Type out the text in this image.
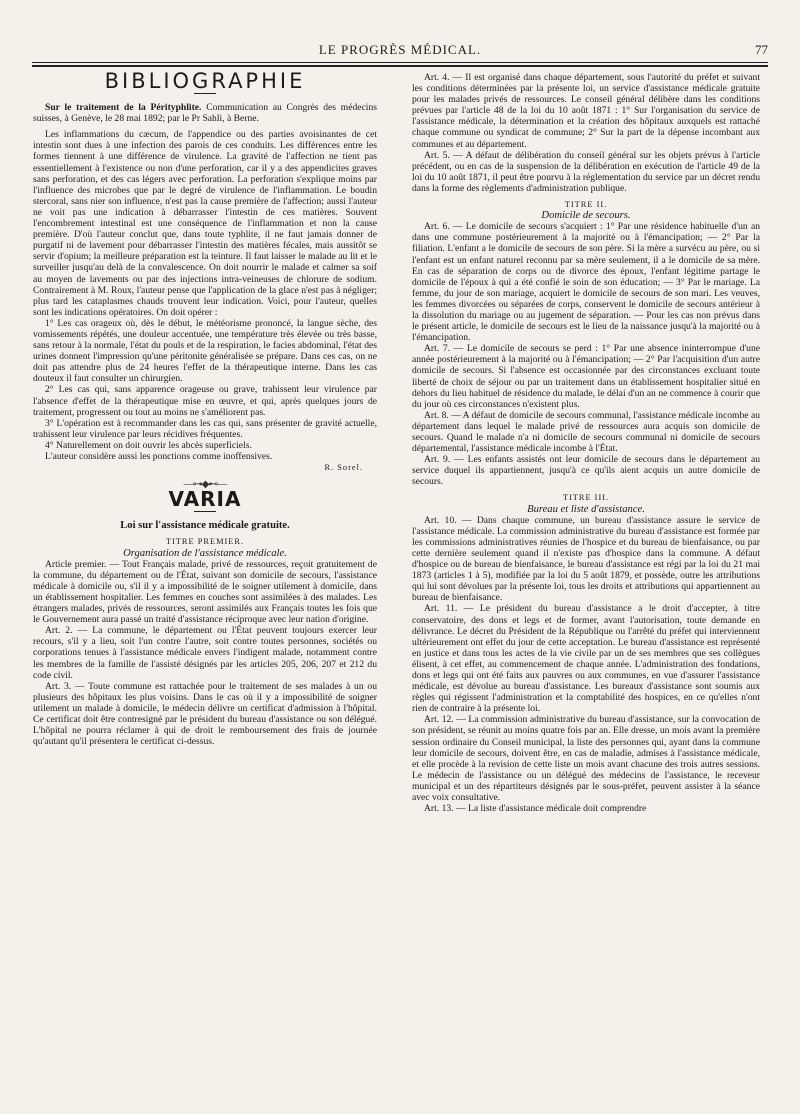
LE PROGRÈS MÉDICAL.	77
BIBLIOGRAPHIE

Sur le traitement de la Pérityphlite. Communication au Congrès des médecins suisses, à Genève, le 28 mai 1892; par le Pr Sahli, à Berne.

Les inflammations du cæcum, de l'appendice ou des parties avoisinantes de cet intestin sont dues à une infection des parois de ces conduits. Les différences entre les formes tiennent à une différence de virulence. La gravité de l'affection ne tient pas essentiellement à l'existence ou non d'une perforation, car il y a des appendicites graves sans perforation, et des cas légers avec perforation. La perforation s'explique moins par l'influence des microbes que par le degré de virulence de l'inflammation. Le boudin stercoral, sans nier son influence, n'est pas la cause première de l'affection; aussi l'auteur ne voit pas une indication à débarrasser l'intestin de ces matières. Souvent l'encombrement intestinal est une conséquence de l'inflammation et non la cause première. D'où l'auteur conclut que, dans toute typhlite, il ne faut jamais donner de purgatif ni de lavement pour débarrasser l'intestin des matières fécales, mais aussitôt se servir d'opium; la meilleure préparation est la teinture. Il faut laisser le malade au lit et le surveiller jusqu'au delà de la convalescence. On doit nourrir le malade et calmer sa soif au moyen de lavements ou par des injections intra-veineuses de chlorure de sodium. Contrairement à M. Roux, l'auteur pense que l'application de la glace n'est pas à négliger; plus tard les cataplasmes chauds trouvent leur indication. Voici, pour l'auteur, quelles sont les indications opératoires. On doit opérer :

1° Les cas orageux où, dès le début, le météorisme prononcé, la langue sèche, des vomissements répétés, une douleur accentuée, une température très élevée ou très basse, sans retour à la normale, l'état du pouls et de la respiration, le facies abdominal, l'état des urines donnent l'impression qu'une péritonite généralisée se prépare. Dans ces cas, on ne doit pas attendre plus de 24 heures l'effet de la thérapeutique interne. Dans les cas douteux il faut consulter un chirurgien.

2° Les cas qui, sans apparence orageuse ou grave, trahissent leur virulence par l'absence d'effet de la thérapeutique mise en œuvre, et qui, après quelques jours de traitement, progressent ou tout au moins ne s'améliorent pas.

3° L'opération est à recommander dans les cas qui, sans présenter de gravité actuelle, trahissent leur virulence par leurs récidives fréquentes.

4° Naturellement on doit ouvrir les abcès superficiels.

L'auteur considère aussi les ponctions comme inoffensives.

R. Sorel.

—⊶◆⊷—
VARIA

Loi sur l'assistance médicale gratuite.

TITRE PREMIER.

Organisation de l'assistance médicale.

Article premier. — Tout Français malade, privé de ressources, reçoit gratuitement de la commune, du département ou de l'État, suivant son domicile de secours, l'assistance médicale à domicile ou, s'il il y a impossibilité de le soigner utilement à domicile, dans un établissement hospitalier. Les femmes en couches sont assimilées à des malades. Les étrangers malades, privés de ressources, seront assimilés aux Français toutes les fois que le Gouvernement aura passé un traité d'assistance réciproque avec leur nation d'origine.

Art. 2. — La commune, le département ou l'État peuvent toujours exercer leur recours, s'il y a lieu, soit l'un contre l'autre, soit contre toutes personnes, sociétés ou corporations tenues à l'assistance médicale envers l'indigent malade, notamment contre les membres de la famille de l'assisté désignés par les articles 205, 206, 207 et 212 du code civil.

Art. 3. — Toute commune est rattachée pour le traitement de ses malades à un ou plusieurs des hôpitaux les plus voisins. Dans le cas où il y a impossibilité de soigner utilement un malade à domicile, le médecin délivre un certificat d'admission à l'hôpital. Ce certificat doit être contresigné par le président du bureau d'assistance ou son délégué. L'hôpital ne pourra réclamer à qui de droit le remboursement des frais de journée qu'autant qu'il présentera le certificat ci-dessus.

Art. 4. — Il est organisé dans chaque département, sous l'autorité du préfet et suivant les conditions déterminées par la présente loi, un service d'assistance médicale gratuite pour les malades privés de ressources. Le conseil général délibère dans les conditions prévues par l'article 48 de la loi du 10 août 1871 : 1° Sur l'organisation du service de l'assistance médicale, la détermination et la création des hôpitaux auxquels est rattaché chaque commune ou syndicat de commune; 2° Sur la part de la dépense incombant aux communes et au département.

Art. 5. — A défaut de délibération du conseil général sur les objets prévus à l'article précédent, ou en cas de la suspension de la délibération en exécution de l'article 49 de la loi du 10 août 1871, il peut être pourvu à la réglementation du service par un décret rendu dans la forme des règlements d'administration publique.

TITRE II.

Domicile de secours.

Art. 6. — Le domicile de secours s'acquiert : 1° Par une résidence habituelle d'un an dans une commune postérieurement à la majorité ou à l'émancipation; — 2° Par la filiation. L'enfant a le domicile de secours de son père. Si la mère a survécu au père, ou si l'enfant est un enfant naturel reconnu par sa mère seulement, il a le domicile de sa mère. En cas de séparation de corps ou de divorce des époux, l'enfant légitime partage le domicile de l'époux à qui a été confié le soin de son éducation; — 3° Par le mariage. La femme, du jour de son mariage, acquiert le domicile de secours de son mari. Les veuves, les femmes divorcées ou séparées de corps, conservent le domicile de secours antérieur à la dissolution du mariage ou au jugement de séparation. — Pour les cas non prévus dans le présent article, le domicile de secours est le lieu de la naissance jusqu'à la majorité ou à l'émancipation.

Art. 7. — Le domicile de secours se perd : 1° Par une absence ininterrompue d'une année postérieurement à la majorité ou à l'émancipation; — 2° Par l'acquisition d'un autre domicile de secours. Si l'absence est occasionnée par des circonstances excluant toute liberté de choix de séjour ou par un traitement dans un établissement hospitalier situé en dehors du lieu habituel de résidence du malade, le délai d'un an ne commence à courir que du jour où ces circonstances n'existent plus.

Art. 8. — A défaut de domicile de secours communal, l'assistance médicale incombe au département dans lequel le malade privé de ressources aura acquis son domicile de secours. Quand le malade n'a ni domicile de secours communal ni domicile de secours départemental, l'assistance médicale incombe à l'État.

Art. 9. — Les enfants assistés ont leur domicile de secours dans le département au service duquel ils appartiennent, jusqu'à ce qu'ils aient acquis un autre domicile de secours.

TITRE III.

Bureau et liste d'assistance.

Art. 10. — Dans chaque commune, un bureau d'assistance assure le service de l'assistance médicale. La commission administrative du bureau d'assistance est formée par les commissions administratives réunies de l'hospice et du bureau de bienfaisance, ou par cette dernière seulement quand il n'existe pas d'hospice dans la commune. A défaut d'hospice ou de bureau de bienfaisance, le bureau d'assistance est régi par la loi du 21 mai 1873 (articles 1 à 5), modifiée par la loi du 5 août 1879, et possède, outre les attributions qui lui sont dévolues par la présente loi, tous les droits et attributions qui appartiennent au bureau de bienfaisance.

Art. 11. — Le président du bureau d'assistance a le droit d'accepter, à titre conservatoire, des dons et legs et de former, avant l'autorisation, toute demande en délivrance. Le décret du Président de la République ou l'arrêté du préfet qui interviennent ultérieurement ont effet du jour de cette acceptation. Le bureau d'assistance est représenté en justice et dans tous les actes de la vie civile par un de ses membres que ses collègues élisent, à cet effet, au commencement de chaque année. L'administration des fondations, dons et legs qui ont été faits aux pauvres ou aux communes, en vue d'assurer l'assistance médicale, est dévolue au bureau d'assistance. Les bureaux d'assistance sont soumis aux règles qui régissent l'administration et la comptabilité des hospices, en ce qu'elles n'ont rien de contraire à la présente loi.

Art. 12. — La commission administrative du bureau d'assistance, sur la convocation de son président, se réunit au moins quatre fois par an. Elle dresse, un mois avant la première session ordinaire du Conseil municipal, la liste des personnes qui, ayant dans la commune leur domicile de secours, doivent être, en cas de maladie, admises à l'assistance médicale, et elle procède à la revision de cette liste un mois avant chacune des trois autres sessions. Le médecin de l'assistance ou un délégué des médecins de l'assistance, le receveur municipal et un des répartiteurs désignés par le sous-préfet, peuvent assister à la séance avec voix consultative.

Art. 13. — La liste d'assistance médicale doit comprendre
